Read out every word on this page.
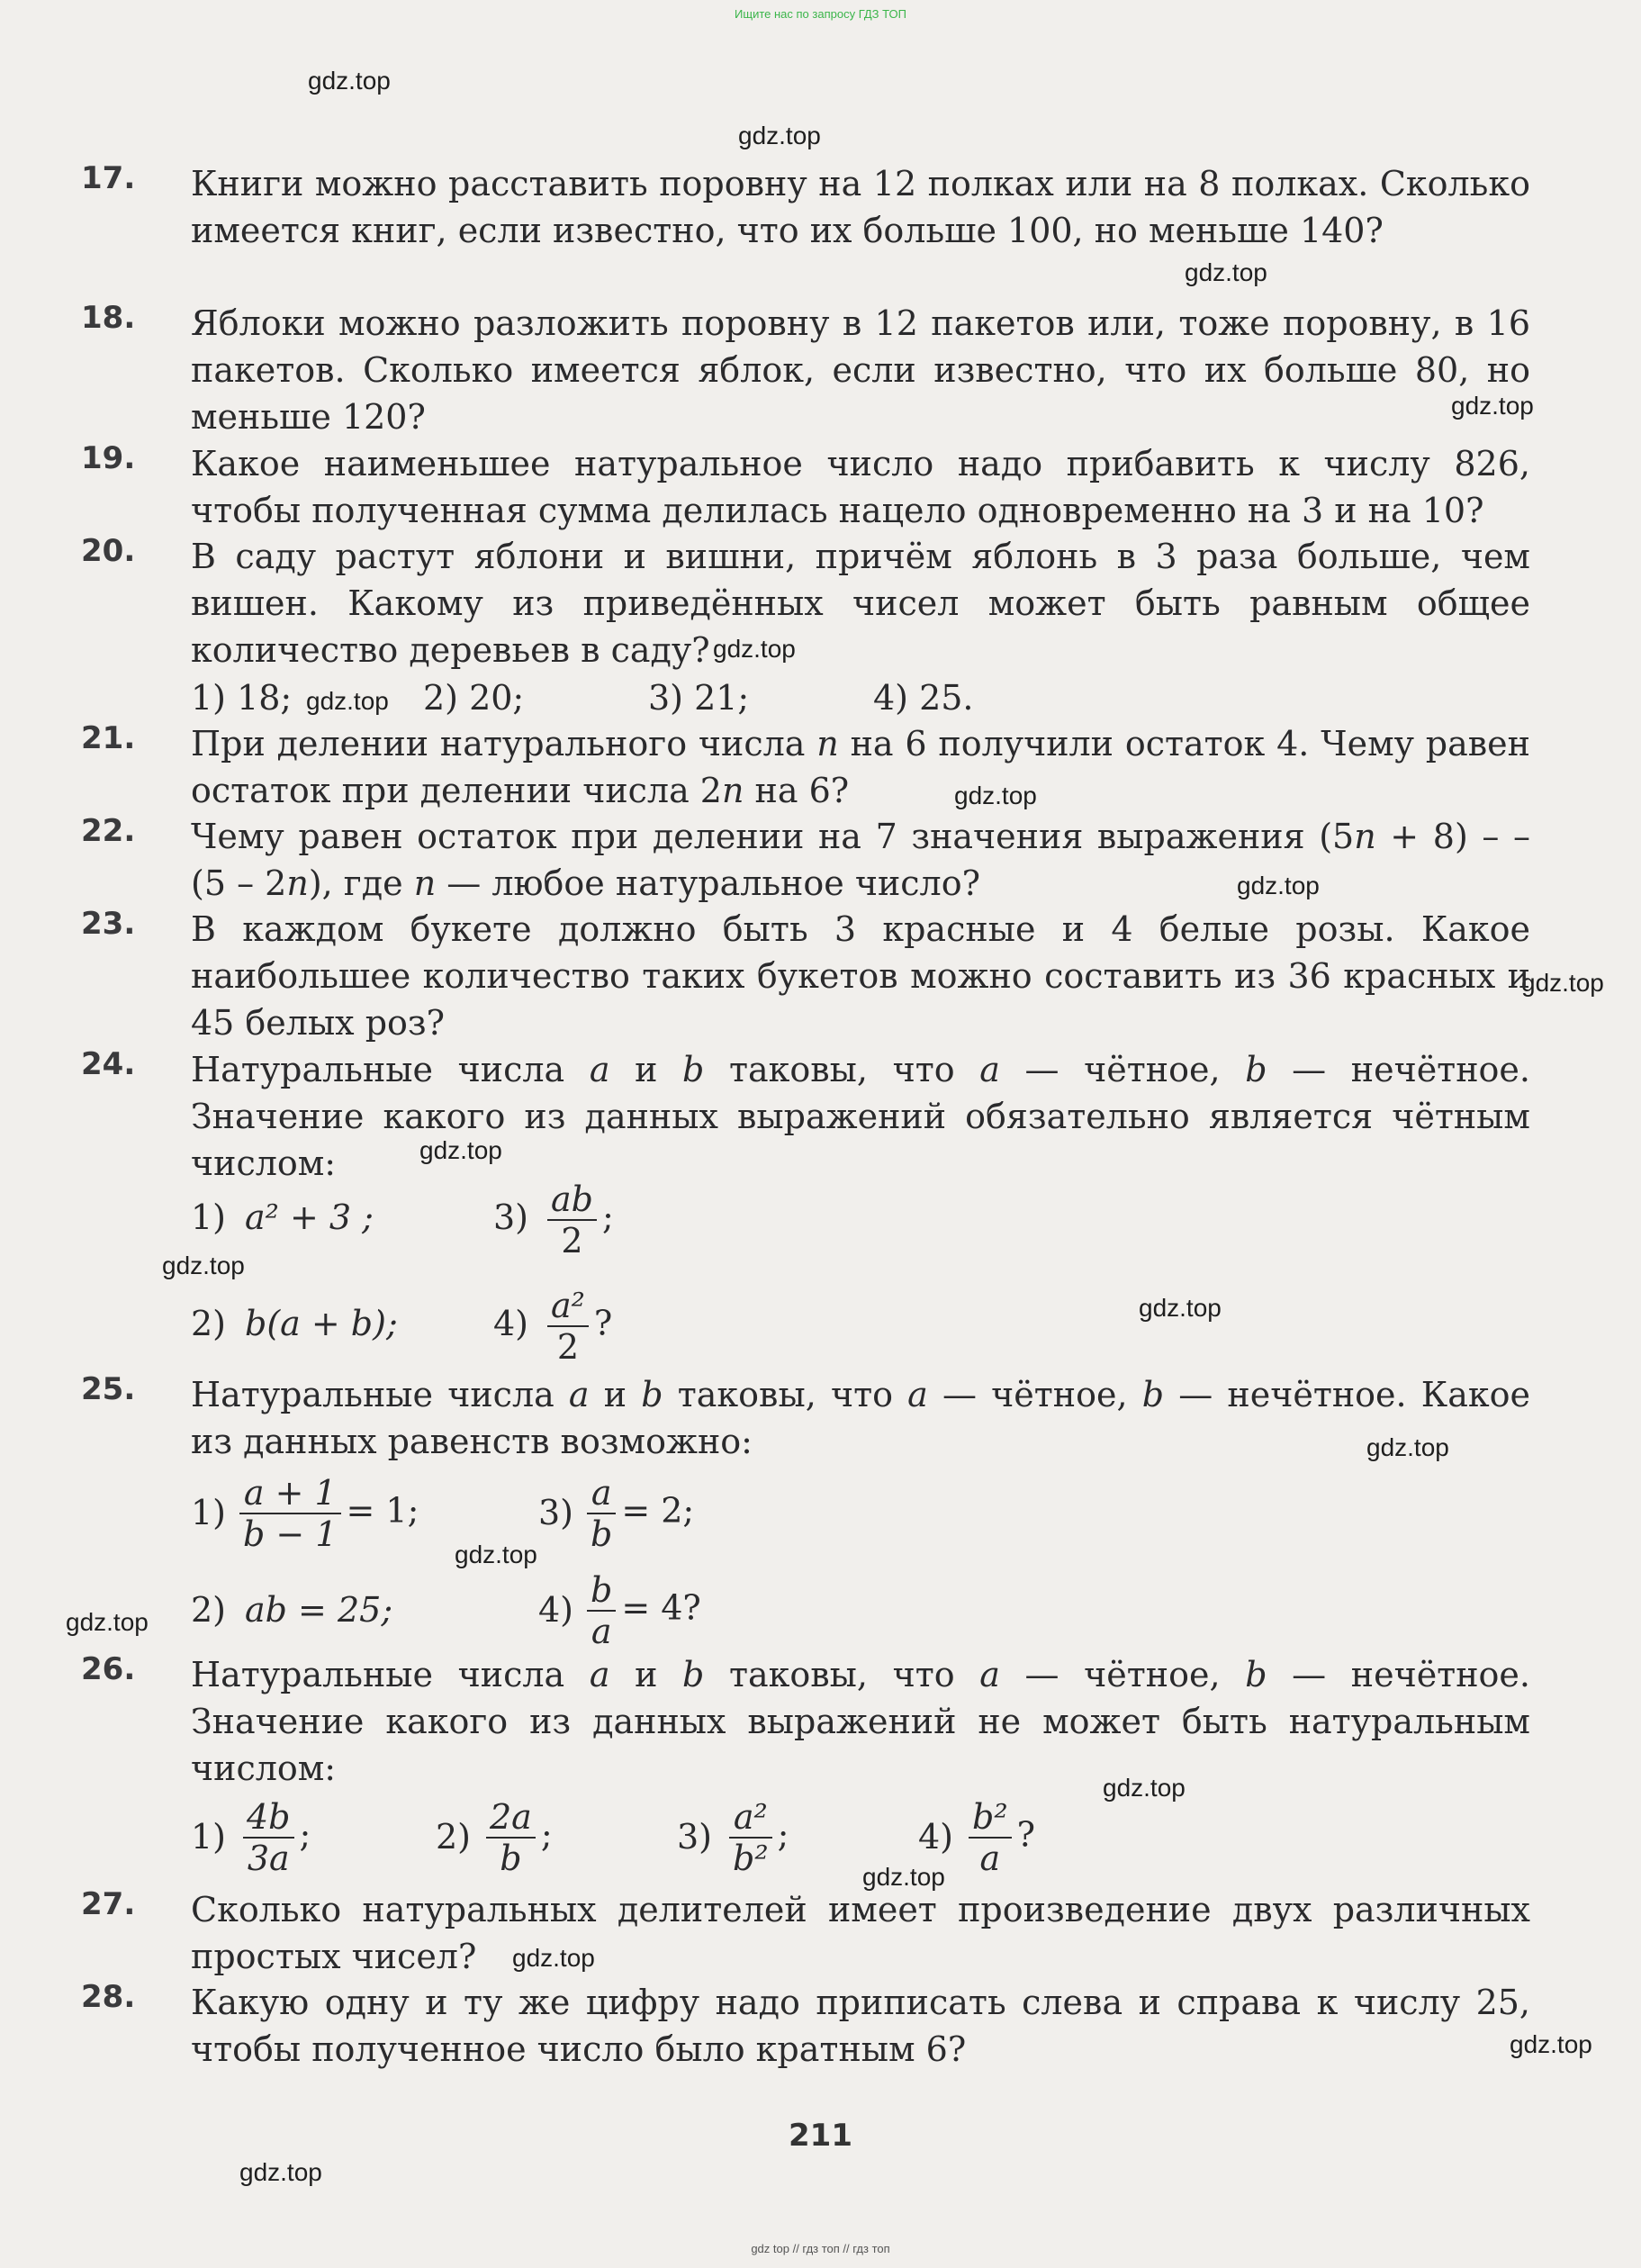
Ищите нас по запросу ГДЗ ТОП
gdz.top
gdz.top
gdz.top
gdz.top
gdz.top
gdz.top
gdz.top
gdz.top
gdz.top
gdz.top
gdz.top
gdz.top
gdz.top
gdz.top
gdz.top
gdz.top
gdz.top
gdz.top
gdz.top
gdz.top
17.	Книги можно расставить поровну на 12 полках или на 8 полках. Сколько имеется книг, если известно, что их больше 100, но меньше 140?
18.	Яблоки можно разложить поровну в 12 пакетов или, тоже поровну, в 16 пакетов. Сколько имеется яблок, если известно, что их больше 80, но меньше 120?
19.	Какое наименьшее натуральное число надо прибавить к числу 826, чтобы полученная сумма делилась нацело одновременно на 3 и на 10?
20.	В саду растут яблони и вишни, причём яблонь в 3 раза больше, чем вишен. Какому из приведённых чисел может быть равным общее количество деревьев в саду?
1) 18;	2) 20;	3) 21;	4) 25.
21.	При делении натурального числа n на 6 получили остаток 4. Чему равен остаток при делении числа 2n на 6?
22.	Чему равен остаток при делении на 7 значения выражения (5n + 8) – – (5 – 2n), где n — любое натуральное число?
23.	В каждом букете должно быть 3 красные и 4 белые розы. Какое наибольшее количество таких букетов можно составить из 36 красных и 45 белых роз?
24.	Натуральные числа a и b таковы, что a — чётное, b — нечётное. Значение какого из данных выражений обязательно является чётным числом:
1) a² + 3 ;	$3) \frac{ab}{2}$ ;
2) b(a + b);	$4) \frac{\text{a²}}{2}$ ?
25.	Натуральные числа a и b таковы, что a — чётное, b — нечётное. Какое из данных равенств возможно:
$1) \frac{a + 1}{b - 1} = 1$;	$3) \frac{a}{b} = 2$;
2) ab = 25;	$4) \frac{b}{a} = 4$?
26.	Натуральные числа a и b таковы, что a — чётное, b — нечётное. Значение какого из данных выражений не может быть натуральным числом:
$1) \frac{4b}{3a}$ ;	$2) \frac{2a}{b}$ ;	$3) \frac{\text{a²}}{\text{b²}}$ ;	$4) \frac{\text{b²}}{a}$ ?
27.	Сколько натуральных делителей имеет произведение двух различных простых чисел?
28.	Какую одну и ту же цифру надо приписать слева и справа к числу 25, чтобы полученное число было кратным 6?
211
gdz top // гдз топ // гдз топ
